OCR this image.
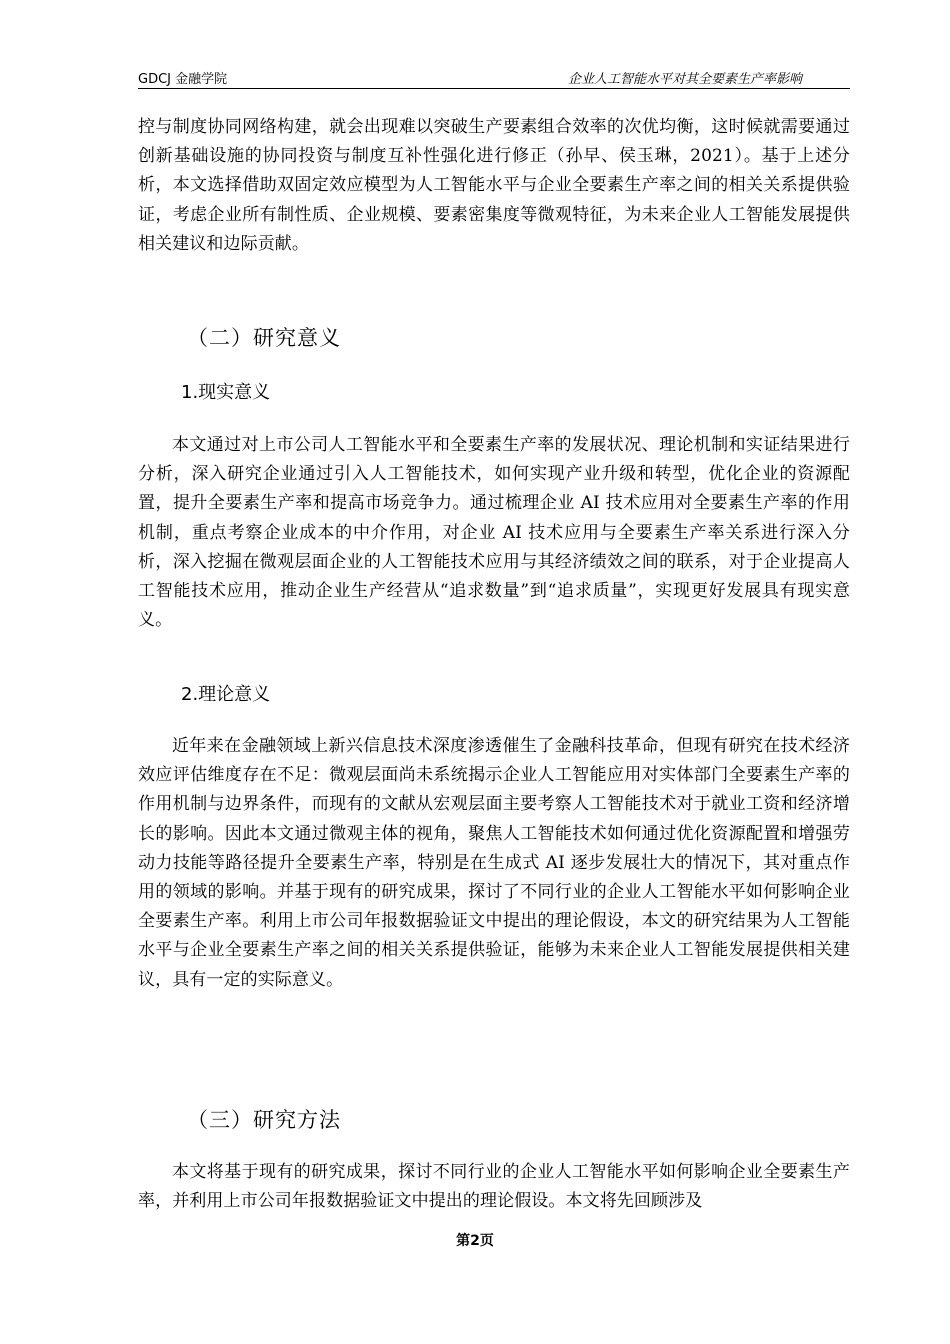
GDCJ 金融学院	企业人工智能水平对其全要素生产率影响
控与制度协同网络构建，就会出现难以突破生产要素组合效率的次优均衡，这时候就需要通过创新基础设施的协同投资与制度互补性强化进行修正（孙早、侯玉琳，2021）。基于上述分析，本文选择借助双固定效应模型为人工智能水平与企业全要素生产率之间的相关关系提供验证，考虑企业所有制性质、企业规模、要素密集度等微观特征，为未来企业人工智能发展提供相关建议和边际贡献。
（二）研究意义
1.现实意义
本文通过对上市公司人工智能水平和全要素生产率的发展状况、理论机制和实证结果进行分析，深入研究企业通过引入人工智能技术，如何实现产业升级和转型，优化企业的资源配置，提升全要素生产率和提高市场竞争力。通过梳理企业 AI 技术应用对全要素生产率的作用机制，重点考察企业成本的中介作用，对企业 AI 技术应用与全要素生产率关系进行深入分析，深入挖掘在微观层面企业的人工智能技术应用与其经济绩效之间的联系，对于企业提高人工智能技术应用，推动企业生产经营从“追求数量”到“追求质量”，实现更好发展具有现实意义。
2.理论意义
近年来在金融领域上新兴信息技术深度渗透催生了金融科技革命，但现有研究在技术经济效应评估维度存在不足：微观层面尚未系统揭示企业人工智能应用对实体部门全要素生产率的作用机制与边界条件，而现有的文献从宏观层面主要考察人工智能技术对于就业工资和经济增长的影响。因此本文通过微观主体的视角，聚焦人工智能技术如何通过优化资源配置和增强劳动力技能等路径提升全要素生产率，特别是在生成式 AI 逐步发展壮大的情况下，其对重点作用的领域的影响。并基于现有的研究成果，探讨了不同行业的企业人工智能水平如何影响企业全要素生产率。利用上市公司年报数据验证文中提出的理论假设，本文的研究结果为人工智能水平与企业全要素生产率之间的相关关系提供验证，能够为未来企业人工智能发展提供相关建议，具有一定的实际意义。
（三）研究方法
本文将基于现有的研究成果，探讨不同行业的企业人工智能水平如何影响企业全要素生产率，并利用上市公司年报数据验证文中提出的理论假设。本文将先回顾涉及
第2页
